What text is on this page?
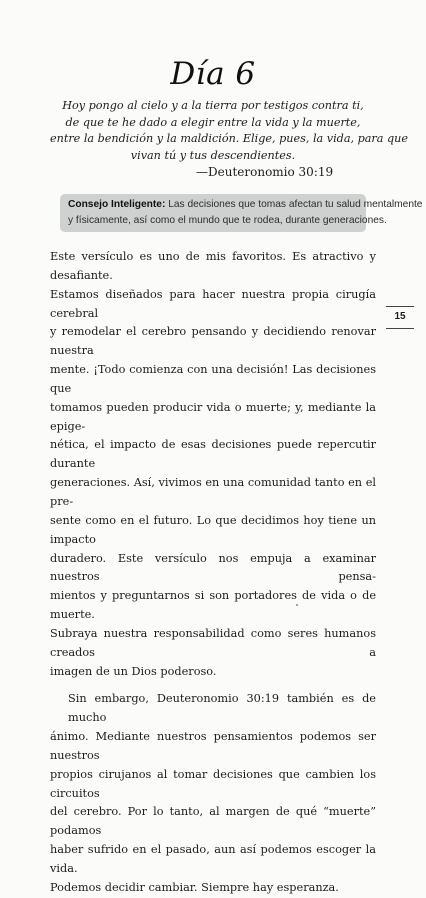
Día 6
Hoy pongo al cielo y a la tierra por testigos contra ti,
de que te he dado a elegir entre la vida y la muerte,
entre la bendición y la maldición. Elige, pues, la vida, para que
vivan tú y tus descendientes.
—Deuteronomio 30:19
Consejo Inteligente: Las decisiones que tomas afectan tu salud mentalmente
y físicamente, así como el mundo que te rodea, durante generaciones.
Este versículo es uno de mis favoritos. Es atractivo y desafiante.
Estamos diseñados para hacer nuestra propia cirugía cerebral
y remodelar el cerebro pensando y decidiendo renovar nuestra
mente. ¡Todo comienza con una decisión! Las decisiones que
tomamos pueden producir vida o muerte; y, mediante la epige-
nética, el impacto de esas decisiones puede repercutir durante
generaciones. Así, vivimos en una comunidad tanto en el pre-
sente como en el futuro. Lo que decidimos hoy tiene un impacto
duradero. Este versículo nos empuja a examinar nuestros pensa-
mientos y preguntarnos si son portadores de vida o de muerte.
Subraya nuestra responsabilidad como seres humanos creados a
imagen de un Dios poderoso.
Sin embargo, Deuteronomio 30:19 también es de mucho
ánimo. Mediante nuestros pensamientos podemos ser nuestros
propios cirujanos al tomar decisiones que cambien los circuitos
del cerebro. Por lo tanto, al margen de qué “muerte” podamos
haber sufrido en el pasado, aun así podemos escoger la vida.
Podemos decidir cambiar. Siempre hay esperanza.
15
